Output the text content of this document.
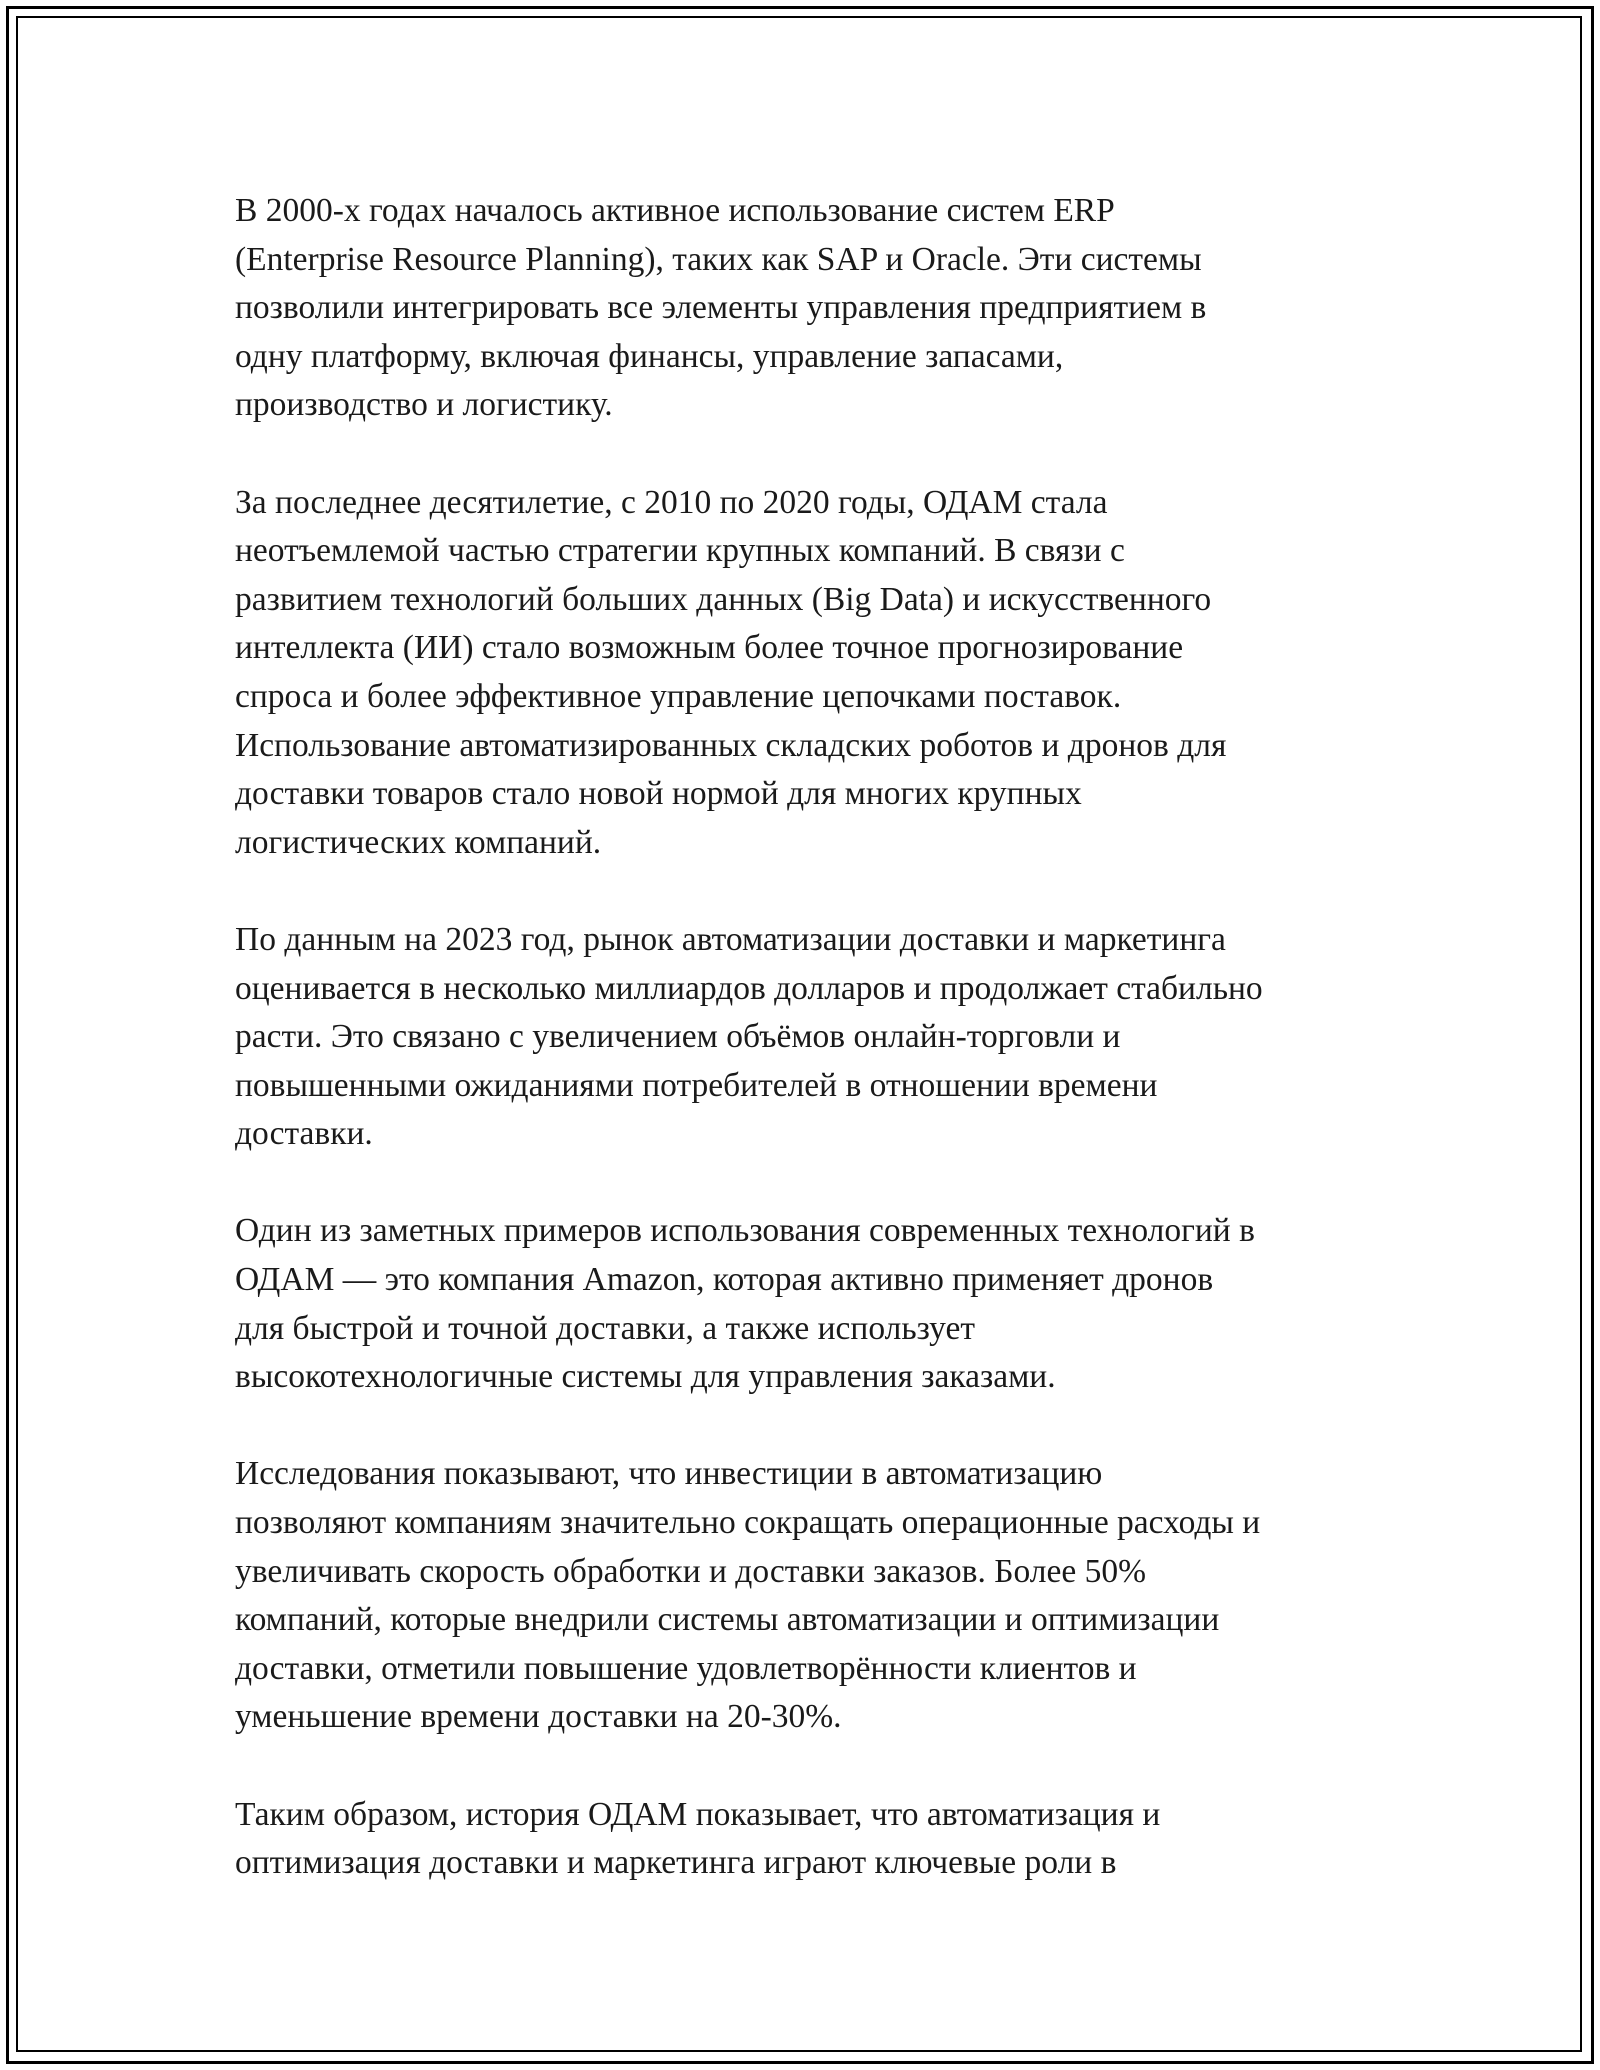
В 2000-х годах началось активное использование систем ERP
(Enterprise Resource Planning), таких как SAP и Oracle. Эти системы
позволили интегрировать все элементы управления предприятием в
одну платформу, включая финансы, управление запасами,
производство и логистику.
За последнее десятилетие, с 2010 по 2020 годы, ОДАМ стала
неотъемлемой частью стратегии крупных компаний. В связи с
развитием технологий больших данных (Big Data) и искусственного
интеллекта (ИИ) стало возможным более точное прогнозирование
спроса и более эффективное управление цепочками поставок.
Использование автоматизированных складских роботов и дронов для
доставки товаров стало новой нормой для многих крупных
логистических компаний.
По данным на 2023 год, рынок автоматизации доставки и маркетинга
оценивается в несколько миллиардов долларов и продолжает стабильно
расти. Это связано с увеличением объёмов онлайн-торговли и
повышенными ожиданиями потребителей в отношении времени
доставки.
Один из заметных примеров использования современных технологий в
ОДАМ — это компания Amazon, которая активно применяет дронов
для быстрой и точной доставки, а также использует
высокотехнологичные системы для управления заказами.
Исследования показывают, что инвестиции в автоматизацию
позволяют компаниям значительно сокращать операционные расходы и
увеличивать скорость обработки и доставки заказов. Более 50%
компаний, которые внедрили системы автоматизации и оптимизации
доставки, отметили повышение удовлетворённости клиентов и
уменьшение времени доставки на 20-30%.
Таким образом, история ОДАМ показывает, что автоматизация и
оптимизация доставки и маркетинга играют ключевые роли в
